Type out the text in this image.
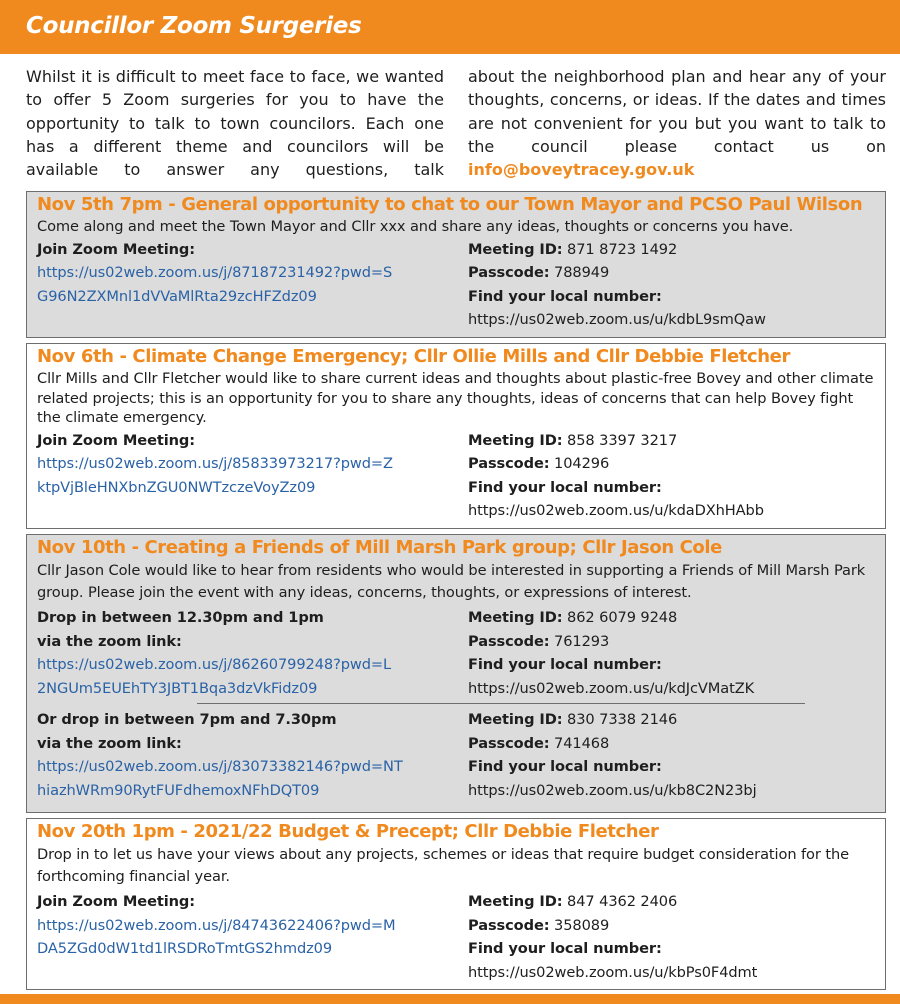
Councillor Zoom Surgeries

Whilst it is difficult to meet face to face, we wanted to offer 5 Zoom surgeries for you to have the opportunity to talk to town councilors. Each one has a different theme and councilors will be available to answer any questions, talk

about the neighborhood plan and hear any of your thoughts, concerns, or ideas. If the dates and times are not convenient for you but you want to talk to the council please contact us on

info@boveytracey.gov.uk

Nov 5th 7pm - General opportunity to chat to our Town Mayor and PCSO Paul Wilson
Come along and meet the Town Mayor and Cllr xxx and share any ideas, thoughts or concerns you have.
Join Zoom Meeting:
https://us02web.zoom.us/j/87187231492?pwd=S
G96N2ZXMnl1dVVaMlRta29zcHFZdz09
Meeting ID: 871 8723 1492
Passcode: 788949
Find your local number:
https://us02web.zoom.us/u/kdbL9smQaw
Nov 6th - Climate Change Emergency; Cllr Ollie Mills and Cllr Debbie Fletcher
Cllr Mills and Cllr Fletcher would like to share current ideas and thoughts about plastic-free Bovey and other climate related projects; this is an opportunity for you to share any thoughts, ideas of concerns that can help Bovey fight the climate emergency.
Join Zoom Meeting:
https://us02web.zoom.us/j/85833973217?pwd=Z
ktpVjBleHNXbnZGU0NWTzczeVoyZz09
Meeting ID: 858 3397 3217
Passcode: 104296
Find your local number:
https://us02web.zoom.us/u/kdaDXhHAbb
Nov 10th - Creating a Friends of Mill Marsh Park group; Cllr Jason Cole
Cllr Jason Cole would like to hear from residents who would be interested in supporting a Friends of Mill Marsh Park group. Please join the event with any ideas, concerns, thoughts, or expressions of interest.
Drop in between 12.30pm and 1pm
via the zoom link:
https://us02web.zoom.us/j/86260799248?pwd=L
2NGUm5EUEhTY3JBT1Bqa3dzVkFidz09
Meeting ID: 862 6079 9248
Passcode: 761293
Find your local number:
https://us02web.zoom.us/u/kdJcVMatZK
Or drop in between 7pm and 7.30pm
via the zoom link:
https://us02web.zoom.us/j/83073382146?pwd=NT
hiazhWRm90RytFUFdhemoxNFhDQT09
Meeting ID: 830 7338 2146
Passcode: 741468
Find your local number:
https://us02web.zoom.us/u/kb8C2N23bj
Nov 20th 1pm - 2021/22 Budget & Precept; Cllr Debbie Fletcher
Drop in to let us have your views about any projects, schemes or ideas that require budget consideration for the forthcoming financial year.
Join Zoom Meeting:
https://us02web.zoom.us/j/84743622406?pwd=M
DA5ZGd0dW1td1lRSDRoTmtGS2hmdz09
Meeting ID: 847 4362 2406
Passcode: 358089
Find your local number:
https://us02web.zoom.us/u/kbPs0F4dmt
